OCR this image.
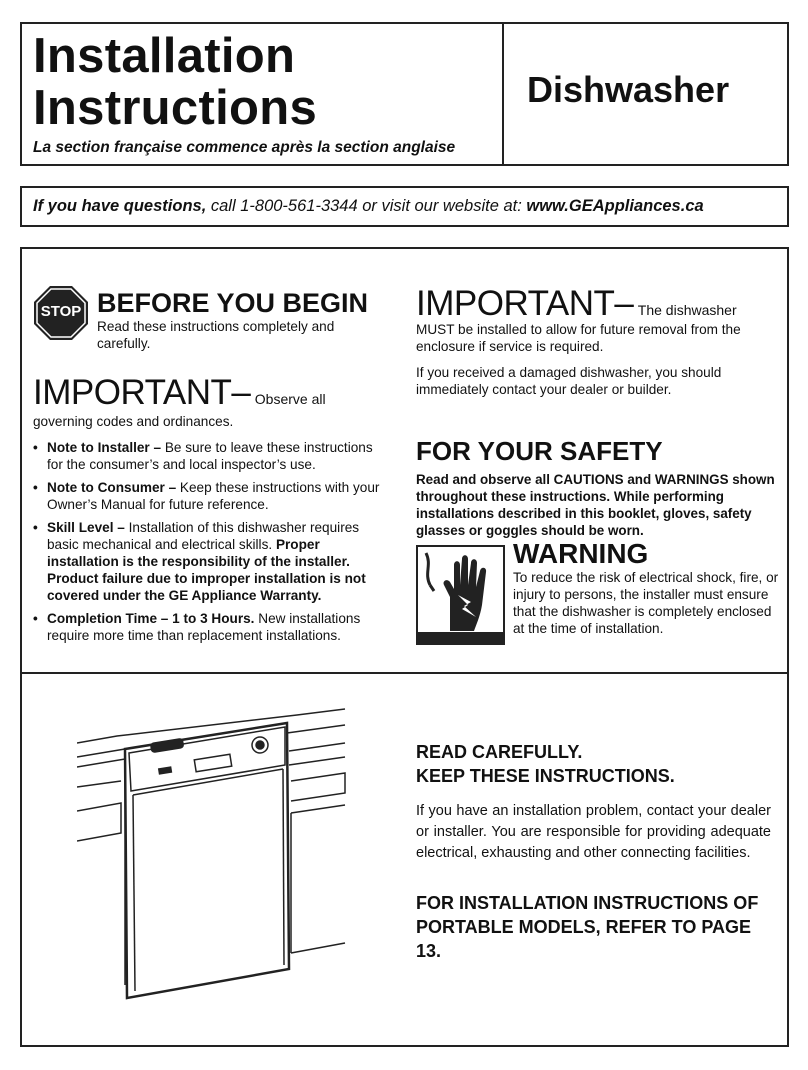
Installation
Instructions
La section française commence après la section anglaise
Dishwasher
If you have questions, call 1-800-561-3344 or visit our website at: www.GEAppliances.ca
STOP BEFORE YOU BEGIN
Read these instructions completely and carefully.
IMPORTANT– Observe all
governing codes and ordinances.
• Note to Installer – Be sure to leave these instructions for the consumer’s and local inspector’s use.
• Note to Consumer – Keep these instructions with your Owner’s Manual for future reference.
• Skill Level – Installation of this dishwasher requires basic mechanical and electrical skills. Proper installation is the responsibility of the installer. Product failure due to improper installation is not covered under the GE Appliance Warranty.
• Completion Time – 1 to 3 Hours. New installations require more time than replacement installations.
IMPORTANT– The dishwasher
MUST be installed to allow for future removal from the enclosure if service is required.
If you received a damaged dishwasher, you should immediately contact your dealer or builder.
FOR YOUR SAFETY
Read and observe all CAUTIONS and WARNINGS shown throughout these instructions. While performing installations described in this booklet, gloves, safety glasses or goggles should be worn.
WARNING
To reduce the risk of electrical shock, fire, or injury to persons, the installer must ensure that the dishwasher is completely enclosed at the time of installation.
READ CAREFULLY.
KEEP THESE INSTRUCTIONS.
If you have an installation problem, contact your dealer or installer. You are responsible for providing adequate electrical, exhausting and other connecting facilities.
FOR INSTALLATION INSTRUCTIONS OF PORTABLE MODELS, REFER TO PAGE 13.
